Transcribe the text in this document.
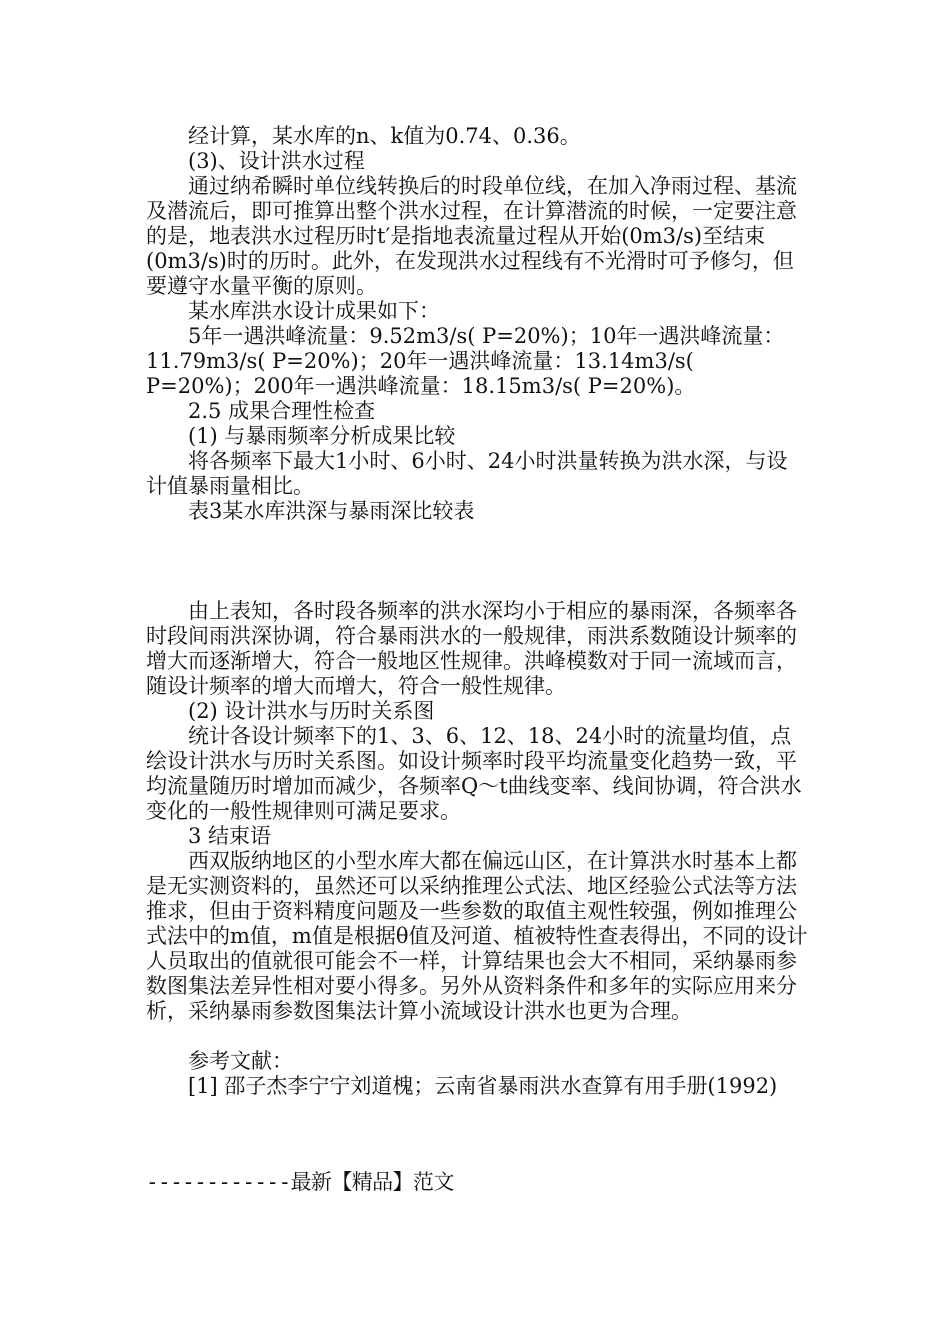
经计算，某水库的n、k值为0.74、0.36。

(3)、设计洪水过程

通过纳希瞬时单位线转换后的时段单位线，在加入净雨过程、基流及潜流后，即可推算出整个洪水过程，在计算潜流的时候，一定要注意的是，地表洪水过程历时t′是指地表流量过程从开始(0m3/s)至结束(0m3/s)时的历时。此外，在发现洪水过程线有不光滑时可予修匀，但要遵守水量平衡的原则。

某水库洪水设计成果如下：

5年一遇洪峰流量：9.52m3/s( P=20%)；10年一遇洪峰流量：11.79m3/s( P=20%)；20年一遇洪峰流量：13.14m3/s( P=20%)；200年一遇洪峰流量：18.15m3/s( P=20%)。

2.5 成果合理性检查

(1) 与暴雨频率分析成果比较

将各频率下最大1小时、6小时、24小时洪量转换为洪水深，与设计值暴雨量相比。

表3某水库洪深与暴雨深比较表

由上表知，各时段各频率的洪水深均小于相应的暴雨深，各频率各时段间雨洪深协调，符合暴雨洪水的一般规律，雨洪系数随设计频率的增大而逐渐增大，符合一般地区性规律。洪峰模数对于同一流域而言，随设计频率的增大而增大，符合一般性规律。

(2) 设计洪水与历时关系图

统计各设计频率下的1、3、6、12、18、24小时的流量均值，点绘设计洪水与历时关系图。如设计频率时段平均流量变化趋势一致，平均流量随历时增加而减少，各频率Q～t曲线变率、线间协调，符合洪水变化的一般性规律则可满足要求。

3 结束语

西双版纳地区的小型水库大都在偏远山区，在计算洪水时基本上都是无实测资料的，虽然还可以采纳推理公式法、地区经验公式法等方法推求，但由于资料精度问题及一些参数的取值主观性较强，例如推理公式法中的m值，m值是根据θ值及河道、植被特性查表得出，不同的设计人员取出的值就很可能会不一样，计算结果也会大不相同，采纳暴雨参数图集法差异性相对要小得多。另外从资料条件和多年的实际应用来分析，采纳暴雨参数图集法计算小流域设计洪水也更为合理。

参考文献：

[1] 邵子杰李宁宁刘道槐；云南省暴雨洪水查算有用手册(1992)

------------最新【精品】范文
